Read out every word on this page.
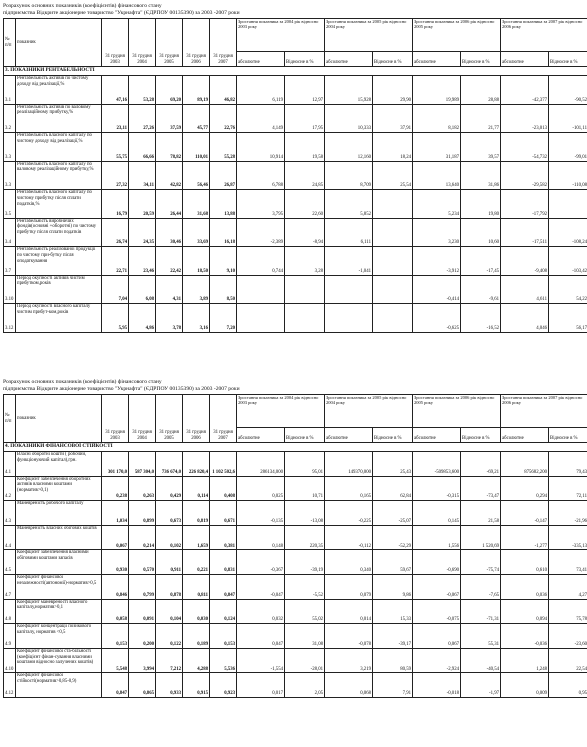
Розрахунок основних показників (коефіцієнтів) фінансового стану
підприємства Відкрите акціонерне товариство "Укрнафта" (ЄДРПОУ 00135390) за 2003 -2007 роки
№ п/п	показник	31 грудня 2003	31 грудня 2004	31 грудня 2005	31 грудня 2006	31 грудня 2007	Зростання показника за 2004 рік відносно 2003 року		Зростання показника за 2005 рік відносно 2004 року		Зростання показника за 2006 рік відносно 2005 року		Зростання показника за 2007 рік відносно 2006 року	
							абсолютне	Відносне в %	абсолютне	Відносне в %	абсолютне	Відносне в %	абсолютне	Відносне в %
3. ПОКАЗНИКИ РЕНТАБЕЛЬНОСТІ														
3.1	Рентабельність активів по чистому доходу від реалізації,%	47,16	53,28	69,20	89,19	46,82	6,119	12,97	15,928	29,90	19,989	28,88	-42,377	-90,52
3.2	Рентабельність активів по валовому реалізаційному прибутку,%	23,11	27,26	37,59	45,77	22,76	4,149	17,95	10,333	37,91	8,182	21,77	-23,013	-101,11
3.3	Рентабельність власного капіталу по чистому доходу від реалізації,%	55,75	66,66	78,82	110,01	55,28	10,914	19,58	12,160	18,24	31,187	39,57	-54,732	-99,01
3.3	Рентабельність власного капіталу по валовому реалізаційному прибутку,%	27,32	34,11	42,82	56,46	26,87	6,788	24,85	8,709	25,54	13,640	31,86	-29,582	-110,08
3.5	Рентабельність власного капіталу по чистому прибутку після сплати податків,%	16,79	20,59	26,44	31,68	13,88	3,795	22,60	5,852		5,234	19,80	-17,792	
3.4	Рентабельність виробничих фондів(основні +оборотні) по чистому прибутку після сплати податків	26,74	24,35	30,46	33,69	16,18	-2,389	-8,94	6,111		3,230	10,60	-17,511	-108,24
3.7	Рентабельність реалізованої продукції по чистому при-бутку після оподаткування	22,71	23,46	22,42	18,50	9,10	0,744	3,28	-1,041		-3,912	-17,45	-9,408	-103,42
3.10	Період окупності активів чистим прибутком,років	7,04	6,08	4,31	3,89	8,50					-0,414	-9,61	4,611	54,22
3.12	Період окупності власного капіталу чистим прибут-ком,років	5,95	4,86	3,78	3,16	7,20					-0,625	-16,52	4,046	56,17
Розрахунок основних показників (коефіцієнтів) фінансового стану
підприємства Відкрите акціонерне товариство "Укрнафта" (ЄДРПОУ 00135390) за 2003 -2007 роки
№ п/п	показник	31 грудня 2003	31 грудня 2004	31 грудня 2005	31 грудня 2006	31 грудня 2007	Зростання показника за 2004 рік відносно 2003 року		Зростання показника за 2005 рік відносно 2004 року		Зростання показника за 2006 рік відносно 2005 року		Зростання показника за 2007 рік відносно 2006 року	
							абсолютне	Відносне в %	абсолютне	Відносне в %	абсолютне	Відносне в %	абсолютне	Відносне в %
4. ПОКАЗНИКИ ФІНАНСОВОЇ СТІЙКОСТІ														
4.1	Власні оборотні кошти ( робочий, функціонуючий капітал),грн.	301 170,0	587 304,0	736 674,0	226 820,4	1 102 502,6	286134,000	95,01	149370,000	25,43	-509853,600	-69,21	875682,200	79,43
4.2	Коефіцієнт забезпечення оборотних активів власними коштами (норматив>0,1)	0,238	0,263	0,429	0,114	0,408	0,025	10,71	0,165	62,84	-0,315	-73,47	0,294	72,11
4.3	Маневреність робочого капіталу	1,034	0,899	0,673	0,819	0,671	-0,135	-13,08	-0,225	-25,07	0,145	21,58	-0,147	-21,96
4.4	Маневреність власних обігових коштів	0,067	0,214	0,102	1,659	0,381	0,148	220,35	-0,112	-52,29	1,556	1 520,69	-1,277	-335,13
4.5	Коефіцієнт забезпечення власними обіговими коштами запасів	0,930	0,570	0,911	0,221	0,831	-0,367	-39,19	0,340	59,67	-0,690	-75,74	0,610	73,41
4.7	Коефіцієнт фінансової незалежності(автономії)-норматив>0,5	0,846	0,799	0,878	0,811	0,847	-0,047	-5,52	0,079	9,86	-0,067	-7,65	0,036	4,27
4.8	Коефіцієнт маневреності власного капіталу,норматив>0,1	0,058	0,091	0,104	0,030	0,124	0,032	55,02	0,014	15,33	-0,075	-71,31	0,094	75,78
4.9	Коефіцієнт концентрації позикового капіталу, норматив <0,5	0,153	0,200	0,122	0,189	0,153	0,047	31,08	-0,078	-39,17	0,067	55,31	-0,036	-23,60
4.10	Коефіцієнт фінансової ста-більності (коефіцієнт фінан-сування власними коштами відносно залучених коштів)	5,548	3,994	7,212	4,288	5,536	-1,554	-28,01	3,219	80,59	-2,924	-40,54	1,248	22,54
4.12	Коефіцієнт фінансової стійкості(норматив>0,85-0,9)	0,847	0,865	0,933	0,915	0,923	0,017	2,05	0,068	7,91	-0,018	-1,97	0,009	0,95
